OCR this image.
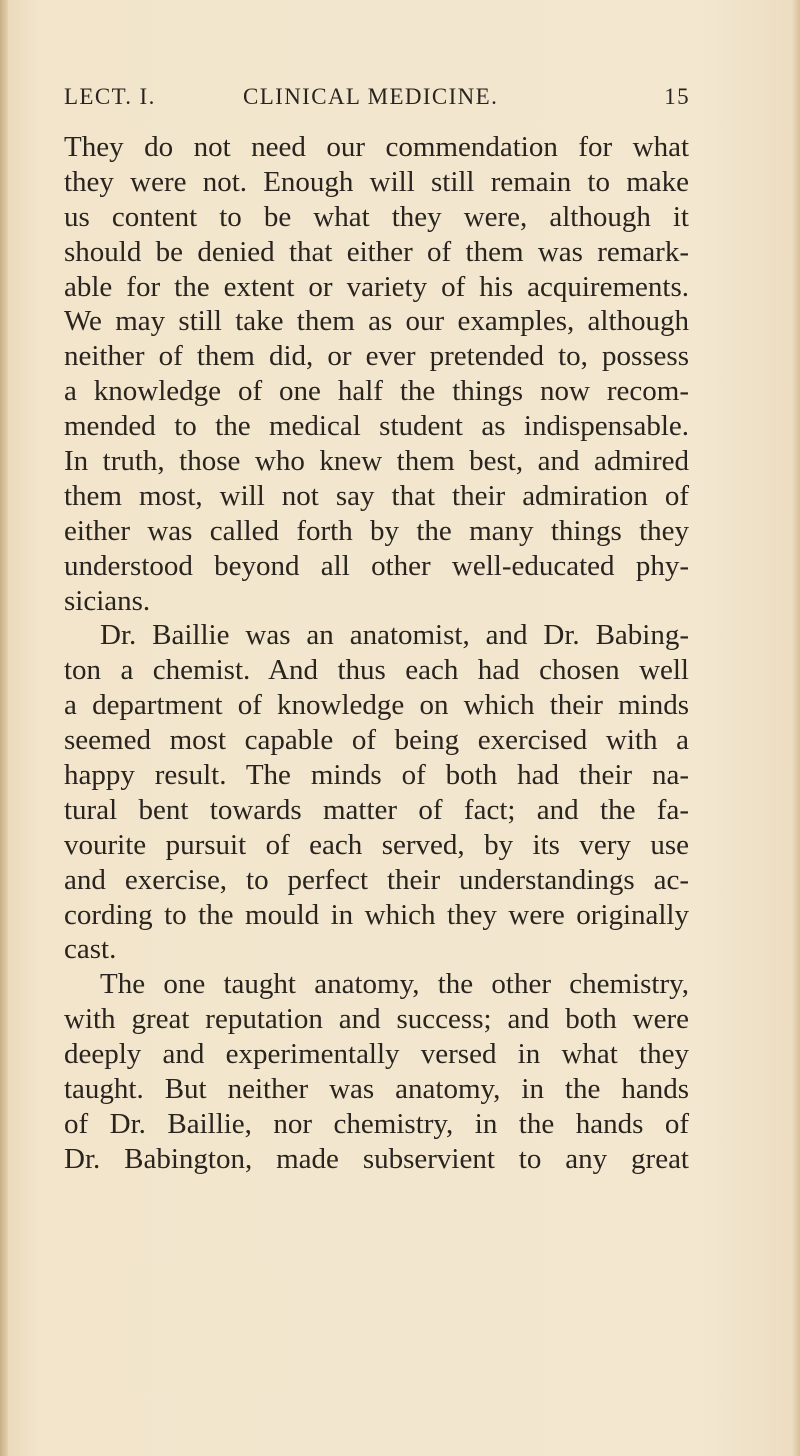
LECT. I.	CLINICAL MEDICINE.	15
They do not need our commendation for what
they were not. Enough will still remain to make
us content to be what they were, although it
should be denied that either of them was remark-
able for the extent or variety of his acquirements.
We may still take them as our examples, although
neither of them did, or ever pretended to, possess
a knowledge of one half the things now recom-
mended to the medical student as indispensable.
In truth, those who knew them best, and admired
them most, will not say that their admiration of
either was called forth by the many things they
understood beyond all other well-educated phy-
sicians.
Dr. Baillie was an anatomist, and Dr. Babing-
ton a chemist. And thus each had chosen well
a department of knowledge on which their minds
seemed most capable of being exercised with a
happy result. The minds of both had their na-
tural bent towards matter of fact; and the fa-
vourite pursuit of each served, by its very use
and exercise, to perfect their understandings ac-
cording to the mould in which they were originally
cast.
The one taught anatomy, the other chemistry,
with great reputation and success; and both were
deeply and experimentally versed in what they
taught. But neither was anatomy, in the hands
of Dr. Baillie, nor chemistry, in the hands of
Dr. Babington, made subservient to any great
